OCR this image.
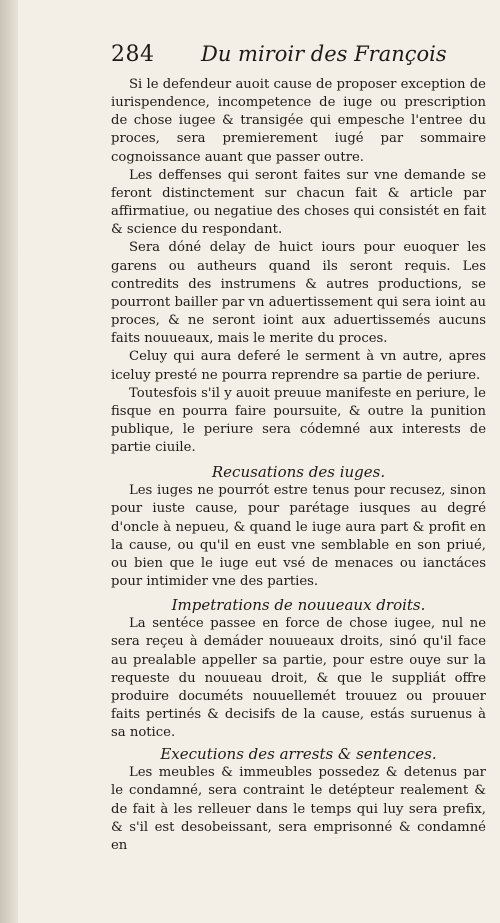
284 Du miroir des François

Si le defendeur auoit cause de proposer exception de iurispendence, incompetence de iuge ou prescription de chose iugee & transigée qui empesche l'entree du proces, sera premierement iugé par sommaire cognoissance auant que passer outre.

Les deffenses qui seront faites sur vne demande se feront distinctement sur chacun fait & article par affirmatiue, ou negatiue des choses qui consistét en fait & science du respondant.

Sera dóné delay de huict iours pour euoquer les garens ou autheurs quand ils seront requis. Les contredits des instrumens & autres productions, se pourront bailler par vn aduertissement qui sera ioint au proces, & ne seront ioint aux aduertissemés aucuns faits nouueaux, mais le merite du proces.

Celuy qui aura deferé le serment à vn autre, apres iceluy presté ne pourra reprendre sa partie de periure.

Toutesfois s'il y auoit preuue manifeste en periure, le fisque en pourra faire poursuite, & outre la punition publique, le periure sera códemné aux interests de partie ciuile.

Recusations des iuges.

Les iuges ne pourrót estre tenus pour recusez, sinon pour iuste cause, pour parétage iusques au degré d'oncle à nepueu, & quand le iuge aura part & profit en la cause, ou qu'il en eust vne semblable en son priué, ou bien que le iuge eut vsé de menaces ou ianctáces pour intimider vne des parties.

Impetrations de nouueaux droits.

La sentéce passee en force de chose iugee, nul ne sera reçeu à demáder nouueaux droits, sinó qu'il face au prealable appeller sa partie, pour estre ouye sur la requeste du nouueau droit, & que le suppliát offre produire documéts nouuellemét trouuez ou prouuer faits pertinés & decisifs de la cause, estás suruenus à sa notice.

Executions des arrests & sentences.

Les meubles & immeubles possedez & detenus par le condamné, sera contraint le detépteur realement & de fait à les relleuer dans le temps qui luy sera prefix, & s'il est desobeissant, sera emprisonné & condamné en
